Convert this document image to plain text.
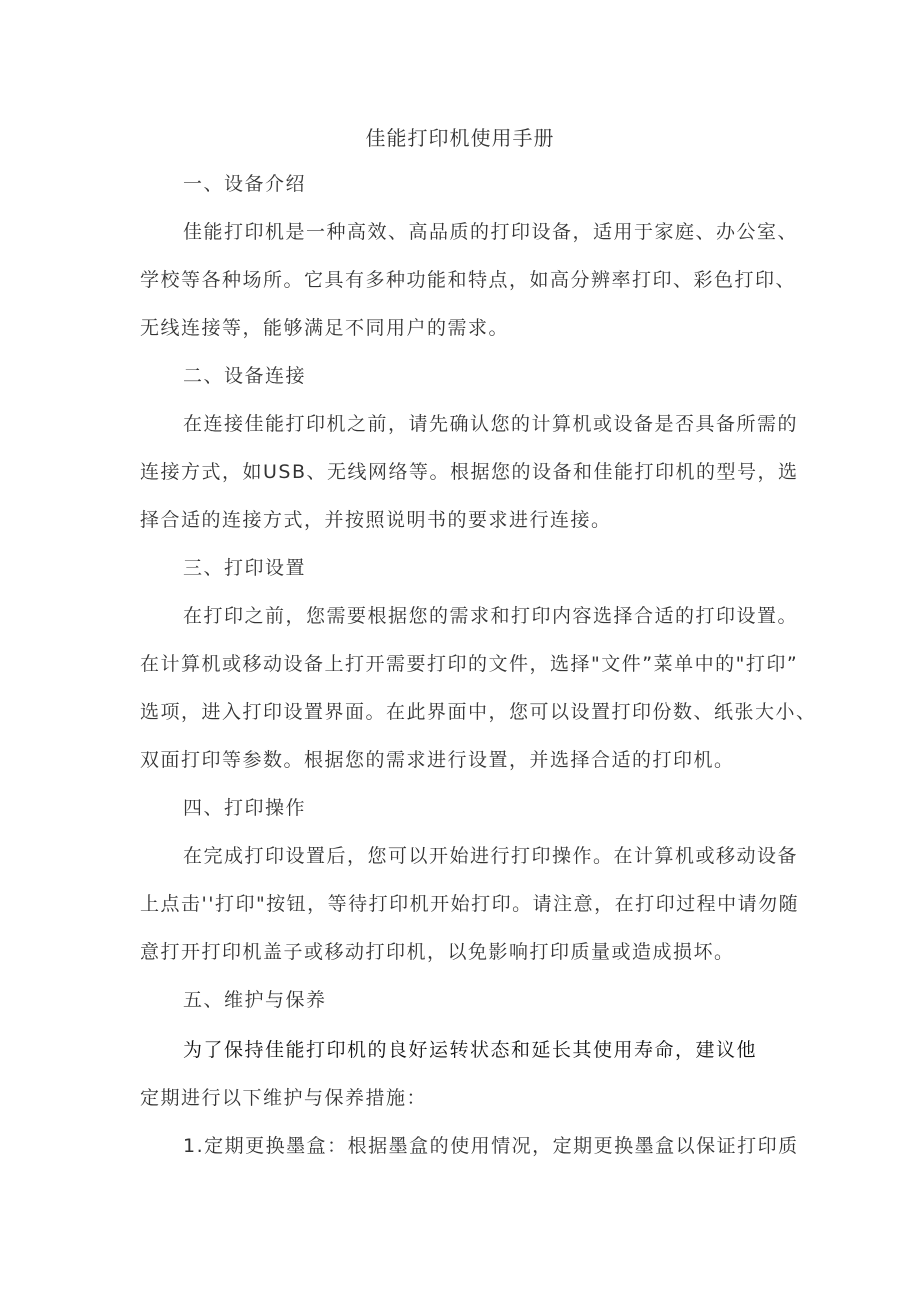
佳能打印机使用手册
一、设备介绍
佳能打印机是一种高效、高品质的打印设备，适用于家庭、办公室、
学校等各种场所。它具有多种功能和特点，如高分辨率打印、彩色打印、
无线连接等，能够满足不同用户的需求。
二、设备连接
在连接佳能打印机之前，请先确认您的计算机或设备是否具备所需的
连接方式，如USB、无线网络等。根据您的设备和佳能打印机的型号，选
择合适的连接方式，并按照说明书的要求进行连接。
三、打印设置
在打印之前，您需要根据您的需求和打印内容选择合适的打印设置。
在计算机或移动设备上打开需要打印的文件，选择"文件”菜单中的"打印”
选项，进入打印设置界面。在此界面中，您可以设置打印份数、纸张大小、
双面打印等参数。根据您的需求进行设置，并选择合适的打印机。
四、打印操作
在完成打印设置后，您可以开始进行打印操作。在计算机或移动设备
上点击''打印"按钮，等待打印机开始打印。请注意，在打印过程中请勿随
意打开打印机盖子或移动打印机，以免影响打印质量或造成损坏。
五、维护与保养
为了保持佳能打印机的良好运转状态和延长其使用寿命，建议他
定期进行以下维护与保养措施：
1.定期更换墨盒：根据墨盒的使用情况，定期更换墨盒以保证打印质
